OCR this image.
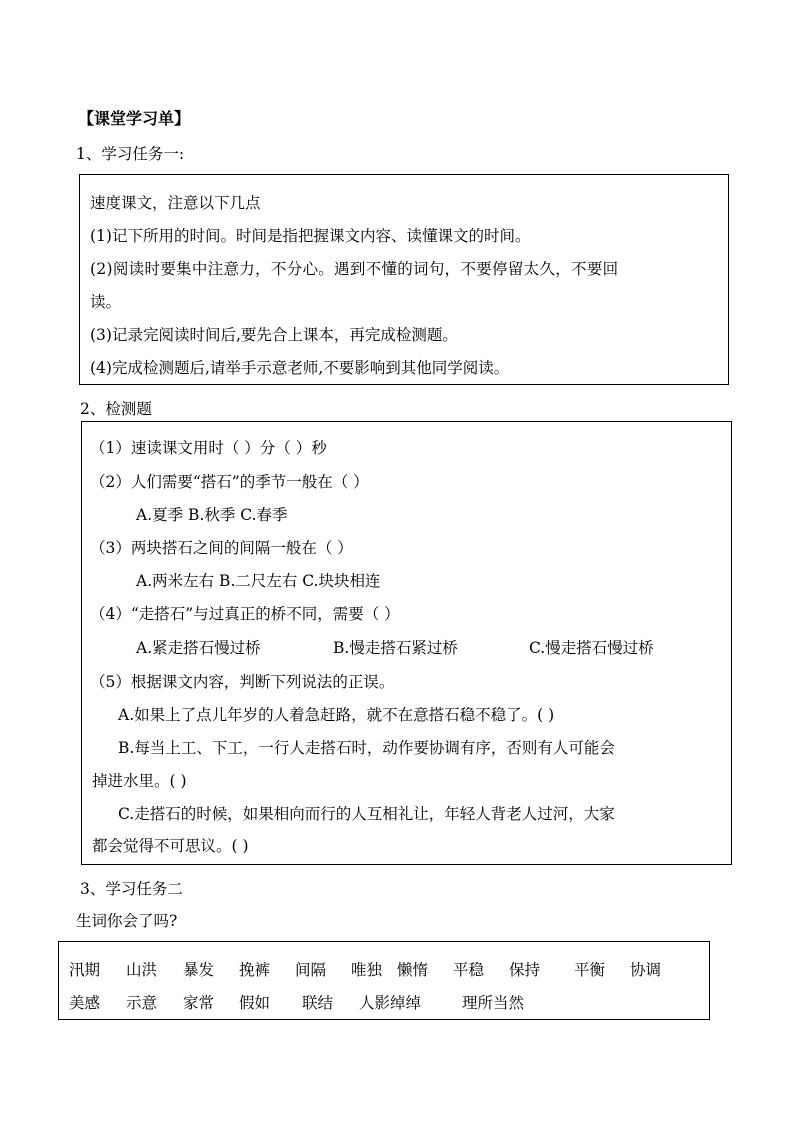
【课堂学习单】
1、学习任务一:
速度课文，注意以下几点
(1)记下所用的时间。时间是指把握课文内容、读懂课文的时间。
(2)阅读时要集中注意力，不分心。遇到不懂的词句，不要停留太久，不要回
读。
(3)记录完阅读时间后,要先合上课本，再完成检测题。
(4)完成检测题后,请举手示意老师,不要影响到其他同学阅读。
2、检测题
（1）速读课文用时（ ）分（ ）秒
（2）人们需要“搭石”的季节一般在（ ）
A.夏季 B.秋季 C.春季
（3）两块搭石之间的间隔一般在（ ）
A.两米左右 B.二尺左右 C.块块相连
（4）“走搭石”与过真正的桥不同，需要（ ）
A.紧走搭石慢过桥	B.慢走搭石紧过桥	C.慢走搭石慢过桥
（5）根据课文内容，判断下列说法的正误。
A.如果上了点儿年岁的人着急赶路，就不在意搭石稳不稳了。( )
B.每当上工、下工，一行人走搭石时，动作要协调有序，否则有人可能会
掉进水里。( )
C.走搭石的时候，如果相向而行的人互相礼让，年轻人背老人过河，大家
都会觉得不可思议。( )
3、学习任务二
生词你会了吗?
汛期 山洪 暴发 挽裤 间隔 唯独 懒惰 平稳 保持 平衡 协调
美感 示意 家常 假如 联结 人影绰绰	理所当然
